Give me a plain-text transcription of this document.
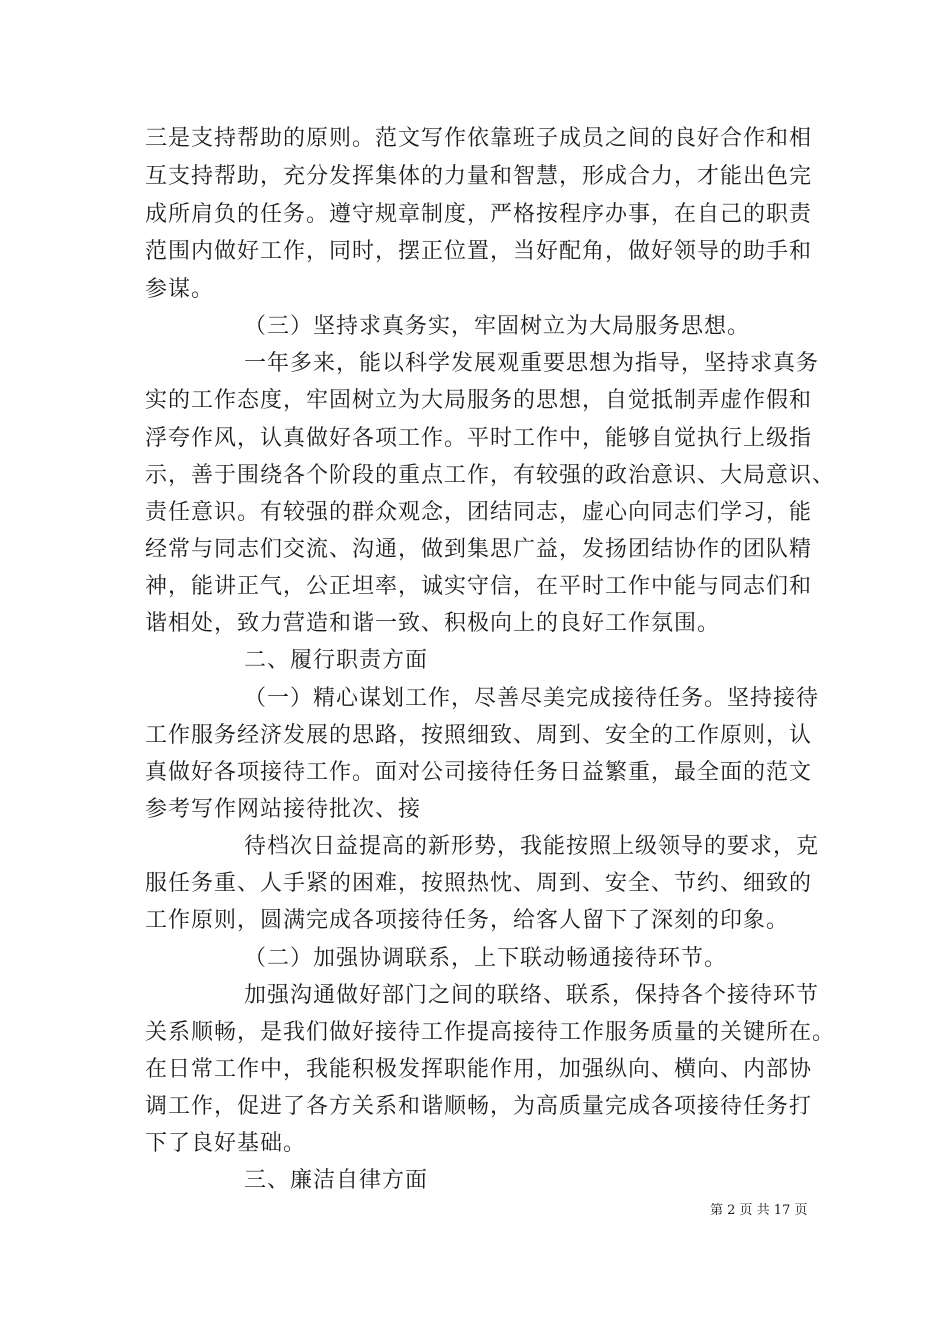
三是支持帮助的原则。范文写作依靠班子成员之间的良好合作和相
互支持帮助，充分发挥集体的力量和智慧，形成合力，才能出色完
成所肩负的任务。遵守规章制度，严格按程序办事，在自己的职责
范围内做好工作，同时，摆正位置，当好配角，做好领导的助手和
参谋。
（三）坚持求真务实，牢固树立为大局服务思想。
一年多来，能以科学发展观重要思想为指导，坚持求真务
实的工作态度，牢固树立为大局服务的思想，自觉抵制弄虚作假和
浮夸作风，认真做好各项工作。平时工作中，能够自觉执行上级指
示，善于围绕各个阶段的重点工作，有较强的政治意识、大局意识、
责任意识。有较强的群众观念，团结同志，虚心向同志们学习，能
经常与同志们交流、沟通，做到集思广益，发扬团结协作的团队精
神，能讲正气，公正坦率，诚实守信，在平时工作中能与同志们和
谐相处，致力营造和谐一致、积极向上的良好工作氛围。
二、履行职责方面
（一）精心谋划工作，尽善尽美完成接待任务。坚持接待
工作服务经济发展的思路，按照细致、周到、安全的工作原则，认
真做好各项接待工作。面对公司接待任务日益繁重，最全面的范文
参考写作网站接待批次、接
待档次日益提高的新形势，我能按照上级领导的要求，克
服任务重、人手紧的困难，按照热忱、周到、安全、节约、细致的
工作原则，圆满完成各项接待任务，给客人留下了深刻的印象。
（二）加强协调联系，上下联动畅通接待环节。
加强沟通做好部门之间的联络、联系，保持各个接待环节
关系顺畅，是我们做好接待工作提高接待工作服务质量的关键所在。
在日常工作中，我能积极发挥职能作用，加强纵向、横向、内部协
调工作，促进了各方关系和谐顺畅，为高质量完成各项接待任务打
下了良好基础。
三、廉洁自律方面
第 2 页 共 17 页
